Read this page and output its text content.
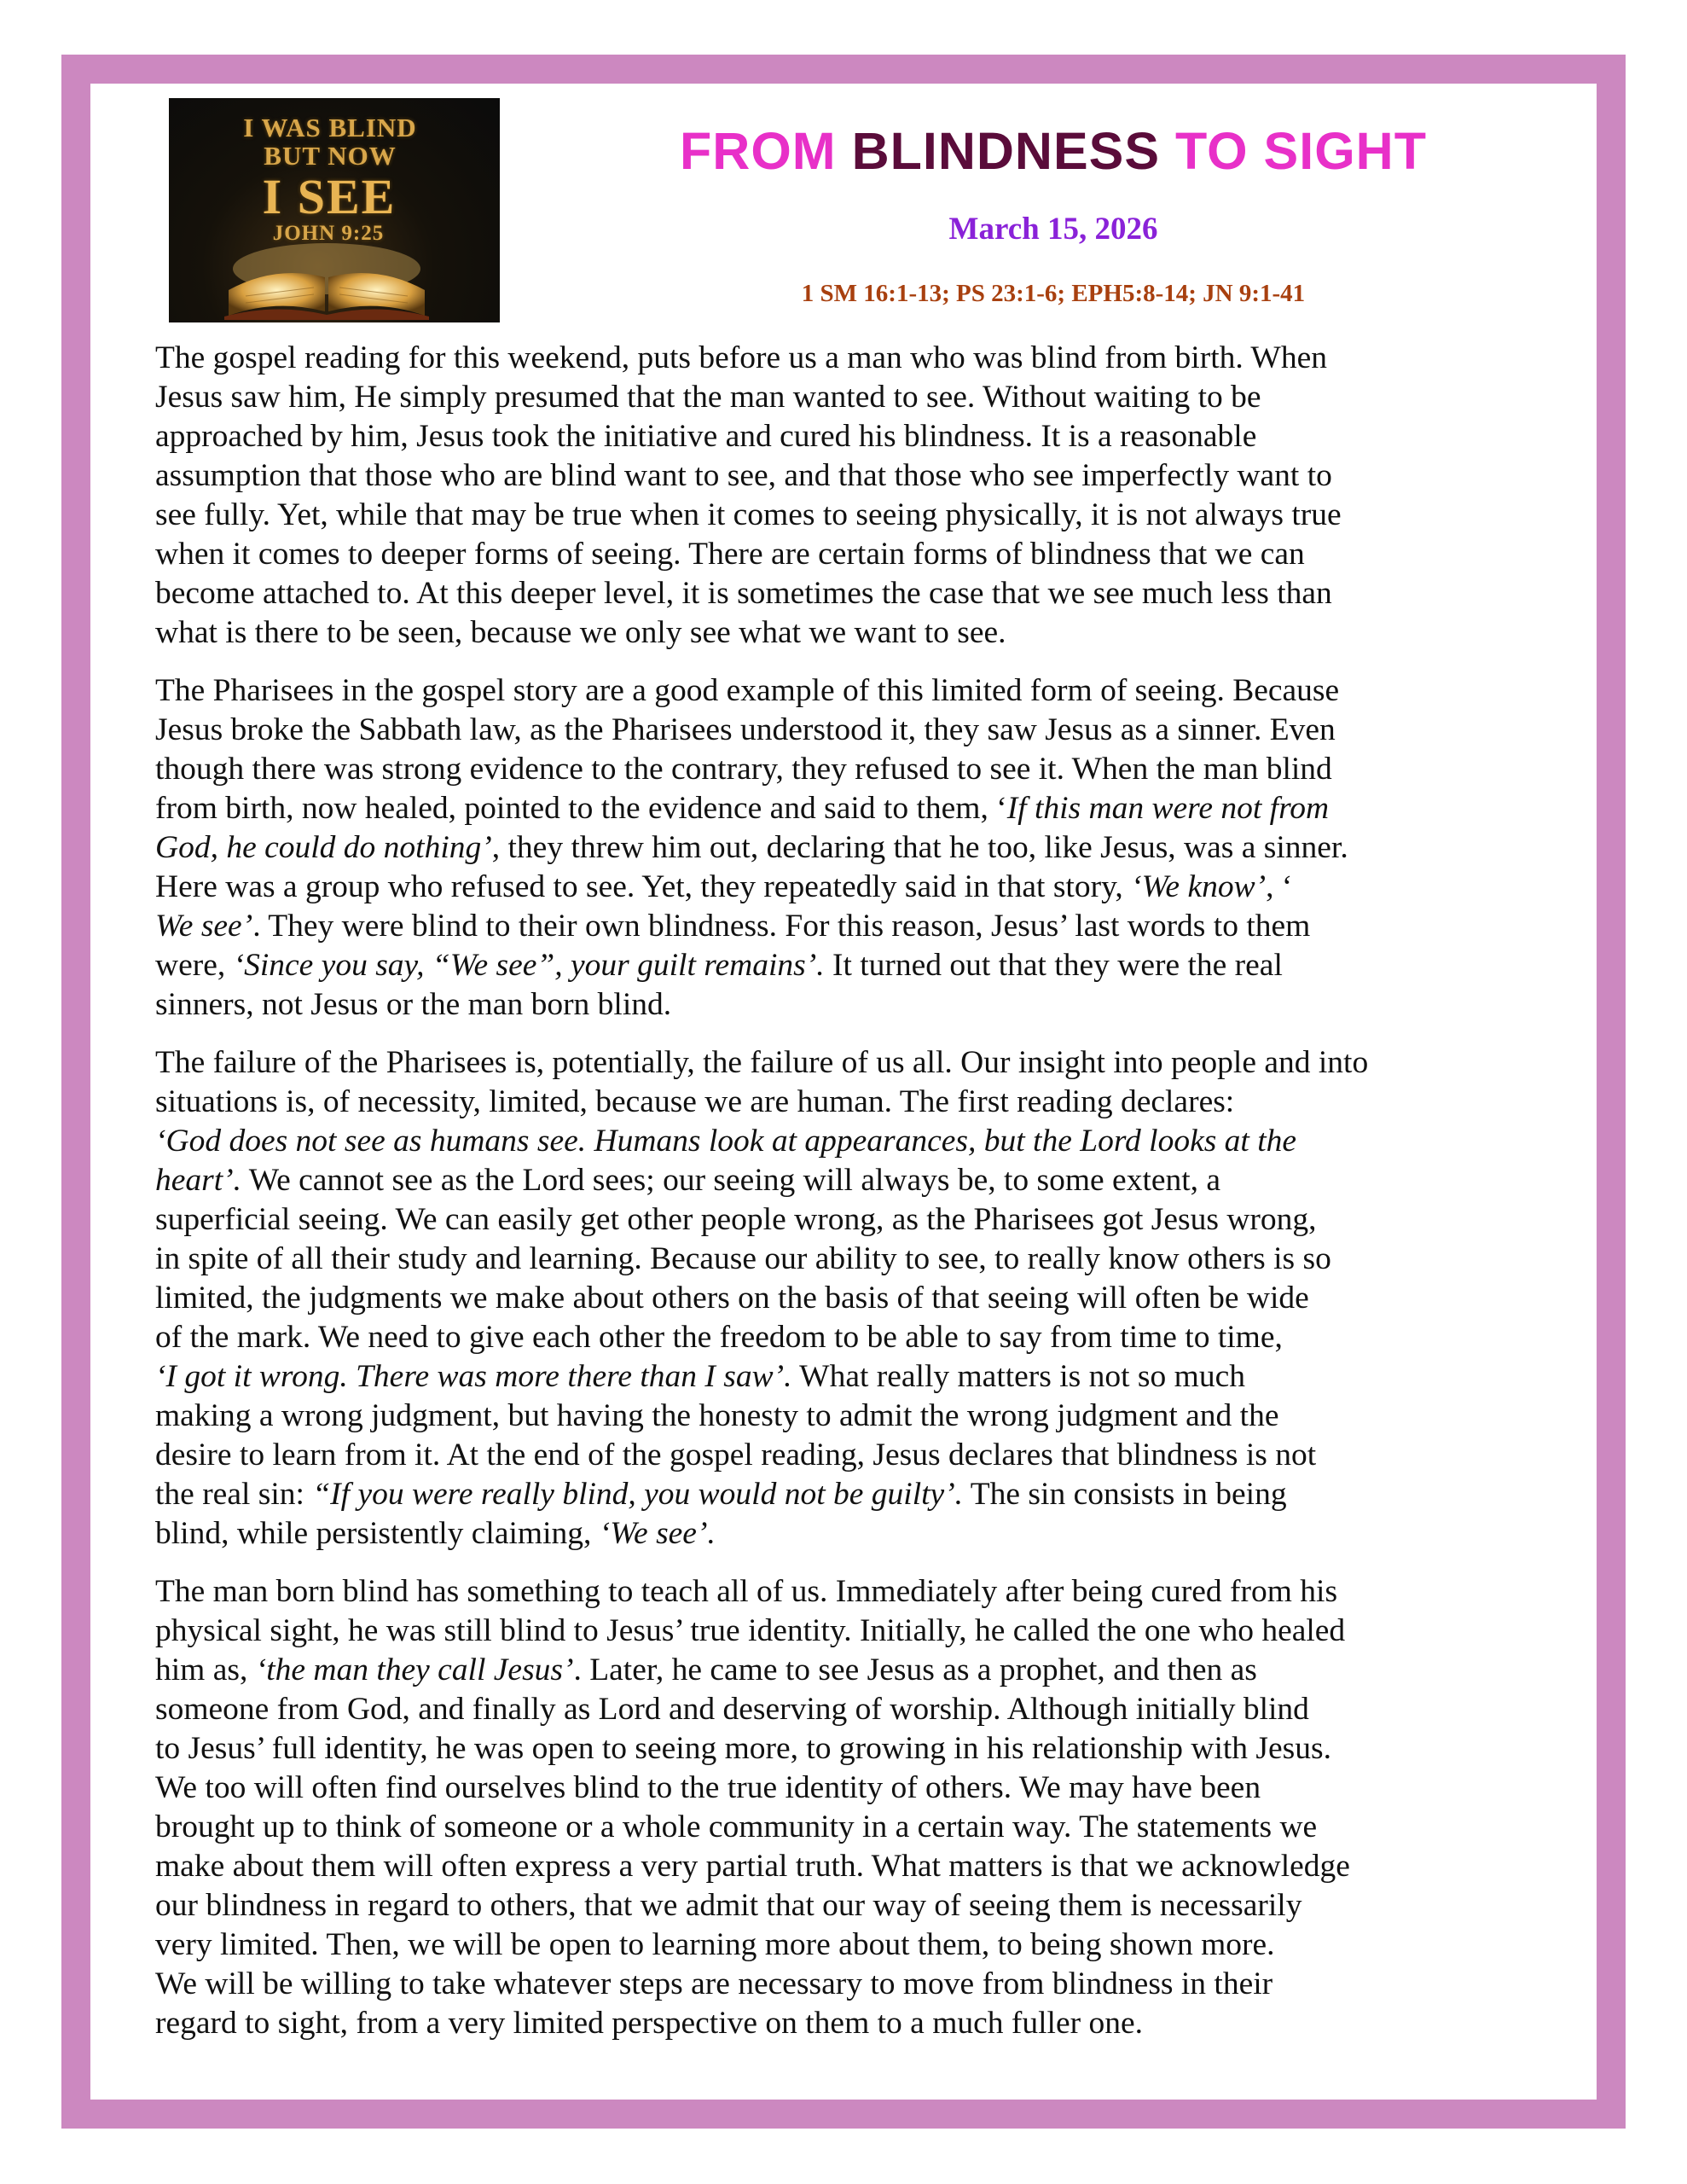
I WAS BLIND
BUT NOW
I SEE
JOHN 9:25
FROM BLINDNESS TO SIGHT
March 15, 2026
1 SM 16:1-13; PS 23:1-6; EPH5:8-14; JN 9:1-41
The gospel reading for this weekend, puts before us a man who was blind from birth. When
Jesus saw him, He simply presumed that the man wanted to see. Without waiting to be
approached by him, Jesus took the initiative and cured his blindness. It is a reasonable
assumption that those who are blind want to see, and that those who see imperfectly want to
see fully. Yet, while that may be true when it comes to seeing physically, it is not always true
when it comes to deeper forms of seeing. There are certain forms of blindness that we can
become attached to. At this deeper level, it is sometimes the case that we see much less than
what is there to be seen, because we only see what we want to see.
The Pharisees in the gospel story are a good example of this limited form of seeing. Because
Jesus broke the Sabbath law, as the Pharisees understood it, they saw Jesus as a sinner. Even
though there was strong evidence to the contrary, they refused to see it. When the man blind
from birth, now healed, pointed to the evidence and said to them, ‘If this man were not from
God, he could do nothing’, they threw him out, declaring that he too, like Jesus, was a sinner.
Here was a group who refused to see. Yet, they repeatedly said in that story, ‘We know’, ‘
We see’. They were blind to their own blindness. For this reason, Jesus’ last words to them
were, ‘Since you say, “We see”, your guilt remains’. It turned out that they were the real
sinners, not Jesus or the man born blind.
The failure of the Pharisees is, potentially, the failure of us all. Our insight into people and into
situations is, of necessity, limited, because we are human. The first reading declares:
‘God does not see as humans see. Humans look at appearances, but the Lord looks at the
heart’. We cannot see as the Lord sees; our seeing will always be, to some extent, a
superficial seeing. We can easily get other people wrong, as the Pharisees got Jesus wrong,
in spite of all their study and learning. Because our ability to see, to really know others is so
limited, the judgments we make about others on the basis of that seeing will often be wide
of the mark. We need to give each other the freedom to be able to say from time to time,
‘I got it wrong. There was more there than I saw’. What really matters is not so much
making a wrong judgment, but having the honesty to admit the wrong judgment and the
desire to learn from it. At the end of the gospel reading, Jesus declares that blindness is not
the real sin: “If you were really blind, you would not be guilty’. The sin consists in being
blind, while persistently claiming, ‘We see’.
The man born blind has something to teach all of us. Immediately after being cured from his
physical sight, he was still blind to Jesus’ true identity. Initially, he called the one who healed
him as, ‘the man they call Jesus’. Later, he came to see Jesus as a prophet, and then as
someone from God, and finally as Lord and deserving of worship. Although initially blind
to Jesus’ full identity, he was open to seeing more, to growing in his relationship with Jesus.
We too will often find ourselves blind to the true identity of others. We may have been
brought up to think of someone or a whole community in a certain way. The statements we
make about them will often express a very partial truth. What matters is that we acknowledge
our blindness in regard to others, that we admit that our way of seeing them is necessarily
very limited. Then, we will be open to learning more about them, to being shown more.
We will be willing to take whatever steps are necessary to move from blindness in their
regard to sight, from a very limited perspective on them to a much fuller one.
